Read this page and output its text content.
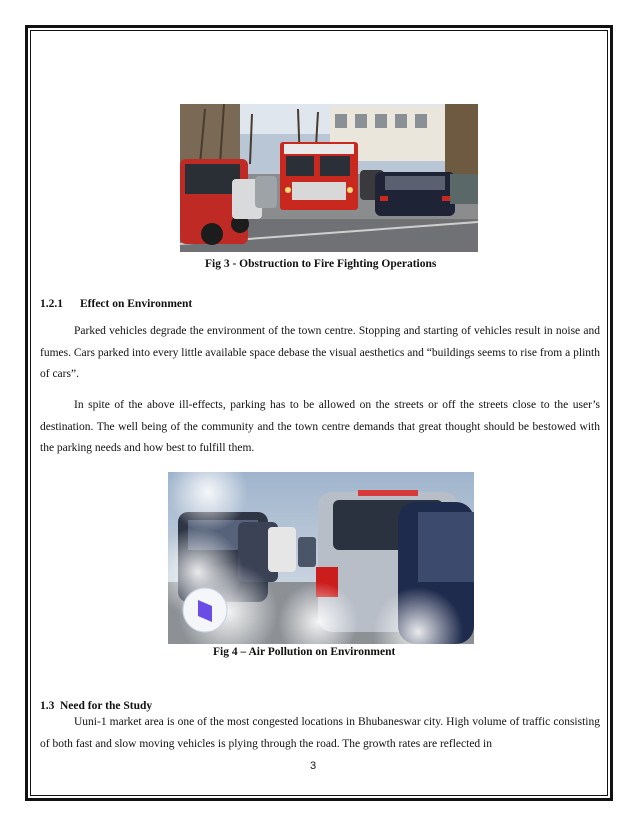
Fig 3 - Obstruction to Fire Fighting Operations
1.2.1 Effect on Environment

Parked vehicles degrade the environment of the town centre. Stopping and starting of vehicles result in noise and fumes. Cars parked into every little available space debase the visual aesthetics and “buildings seems to rise from a plinth of cars”.

In spite of the above ill-effects, parking has to be allowed on the streets or off the streets close to the user’s destination. The well being of the community and the town centre demands that great thought should be bestowed with the parking needs and how best to fulfill them.

Fig 4 – Air Pollution on Environment
1.3 Need for the Study

Uuni-1 market area is one of the most congested locations in Bhubaneswar city. High volume of traffic consisting of both fast and slow moving vehicles is plying through the road. The growth rates are reflected in

3
